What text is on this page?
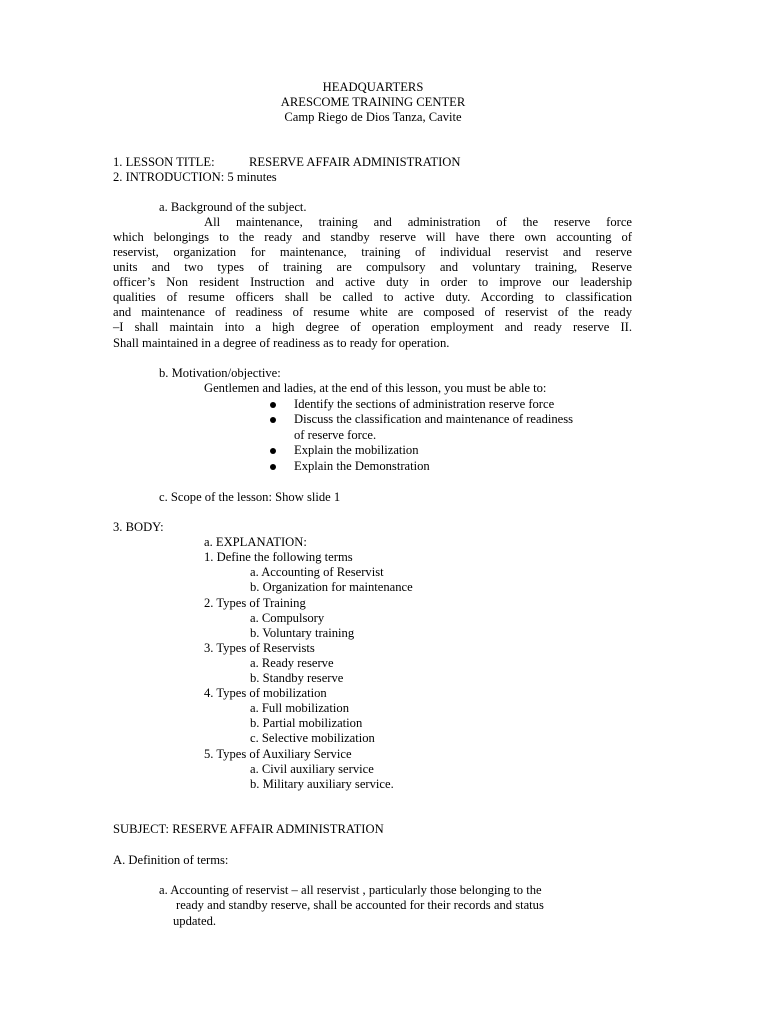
HEADQUARTERS
ARESCOME TRAINING CENTER
Camp Riego de Dios Tanza, Cavite
1. LESSON TITLE:	RESERVE AFFAIR ADMINISTRATION
2. INTRODUCTION: 5 minutes
a. Background of the subject.
All maintenance, training and administration of the reserve force
which belongings to the ready and standby reserve will have there own accounting of
reservist, organization for maintenance, training of individual reservist and reserve
units and two types of training are compulsory and voluntary training, Reserve
officer’s Non resident Instruction and active duty in order to improve our leadership
qualities of resume officers shall be called to active duty. According to classification
and maintenance of readiness of resume white are composed of reservist of the ready
–I shall maintain into a high degree of operation employment and ready reserve II.
Shall maintained in a degree of readiness as to ready for operation.
b. Motivation/objective:
Gentlemen and ladies, at the end of this lesson, you must be able to:
Identify the sections of administration reserve force
Discuss the classification and maintenance of readiness
of reserve force.
Explain the mobilization
Explain the Demonstration
c. Scope of the lesson: Show slide 1
3. BODY:
a. EXPLANATION:
1. Define the following terms
a. Accounting of Reservist
b. Organization for maintenance
2. Types of Training
a. Compulsory
b. Voluntary training
3. Types of Reservists
a. Ready reserve
b. Standby reserve
4. Types of mobilization
a. Full mobilization
b. Partial mobilization
c. Selective mobilization
5. Types of Auxiliary Service
a. Civil auxiliary service
b. Military auxiliary service.
SUBJECT: RESERVE AFFAIR ADMINISTRATION
A. Definition of terms:
a. Accounting of reservist – all reservist , particularly those belonging to the
ready and standby reserve, shall be accounted for their records and status
updated.
